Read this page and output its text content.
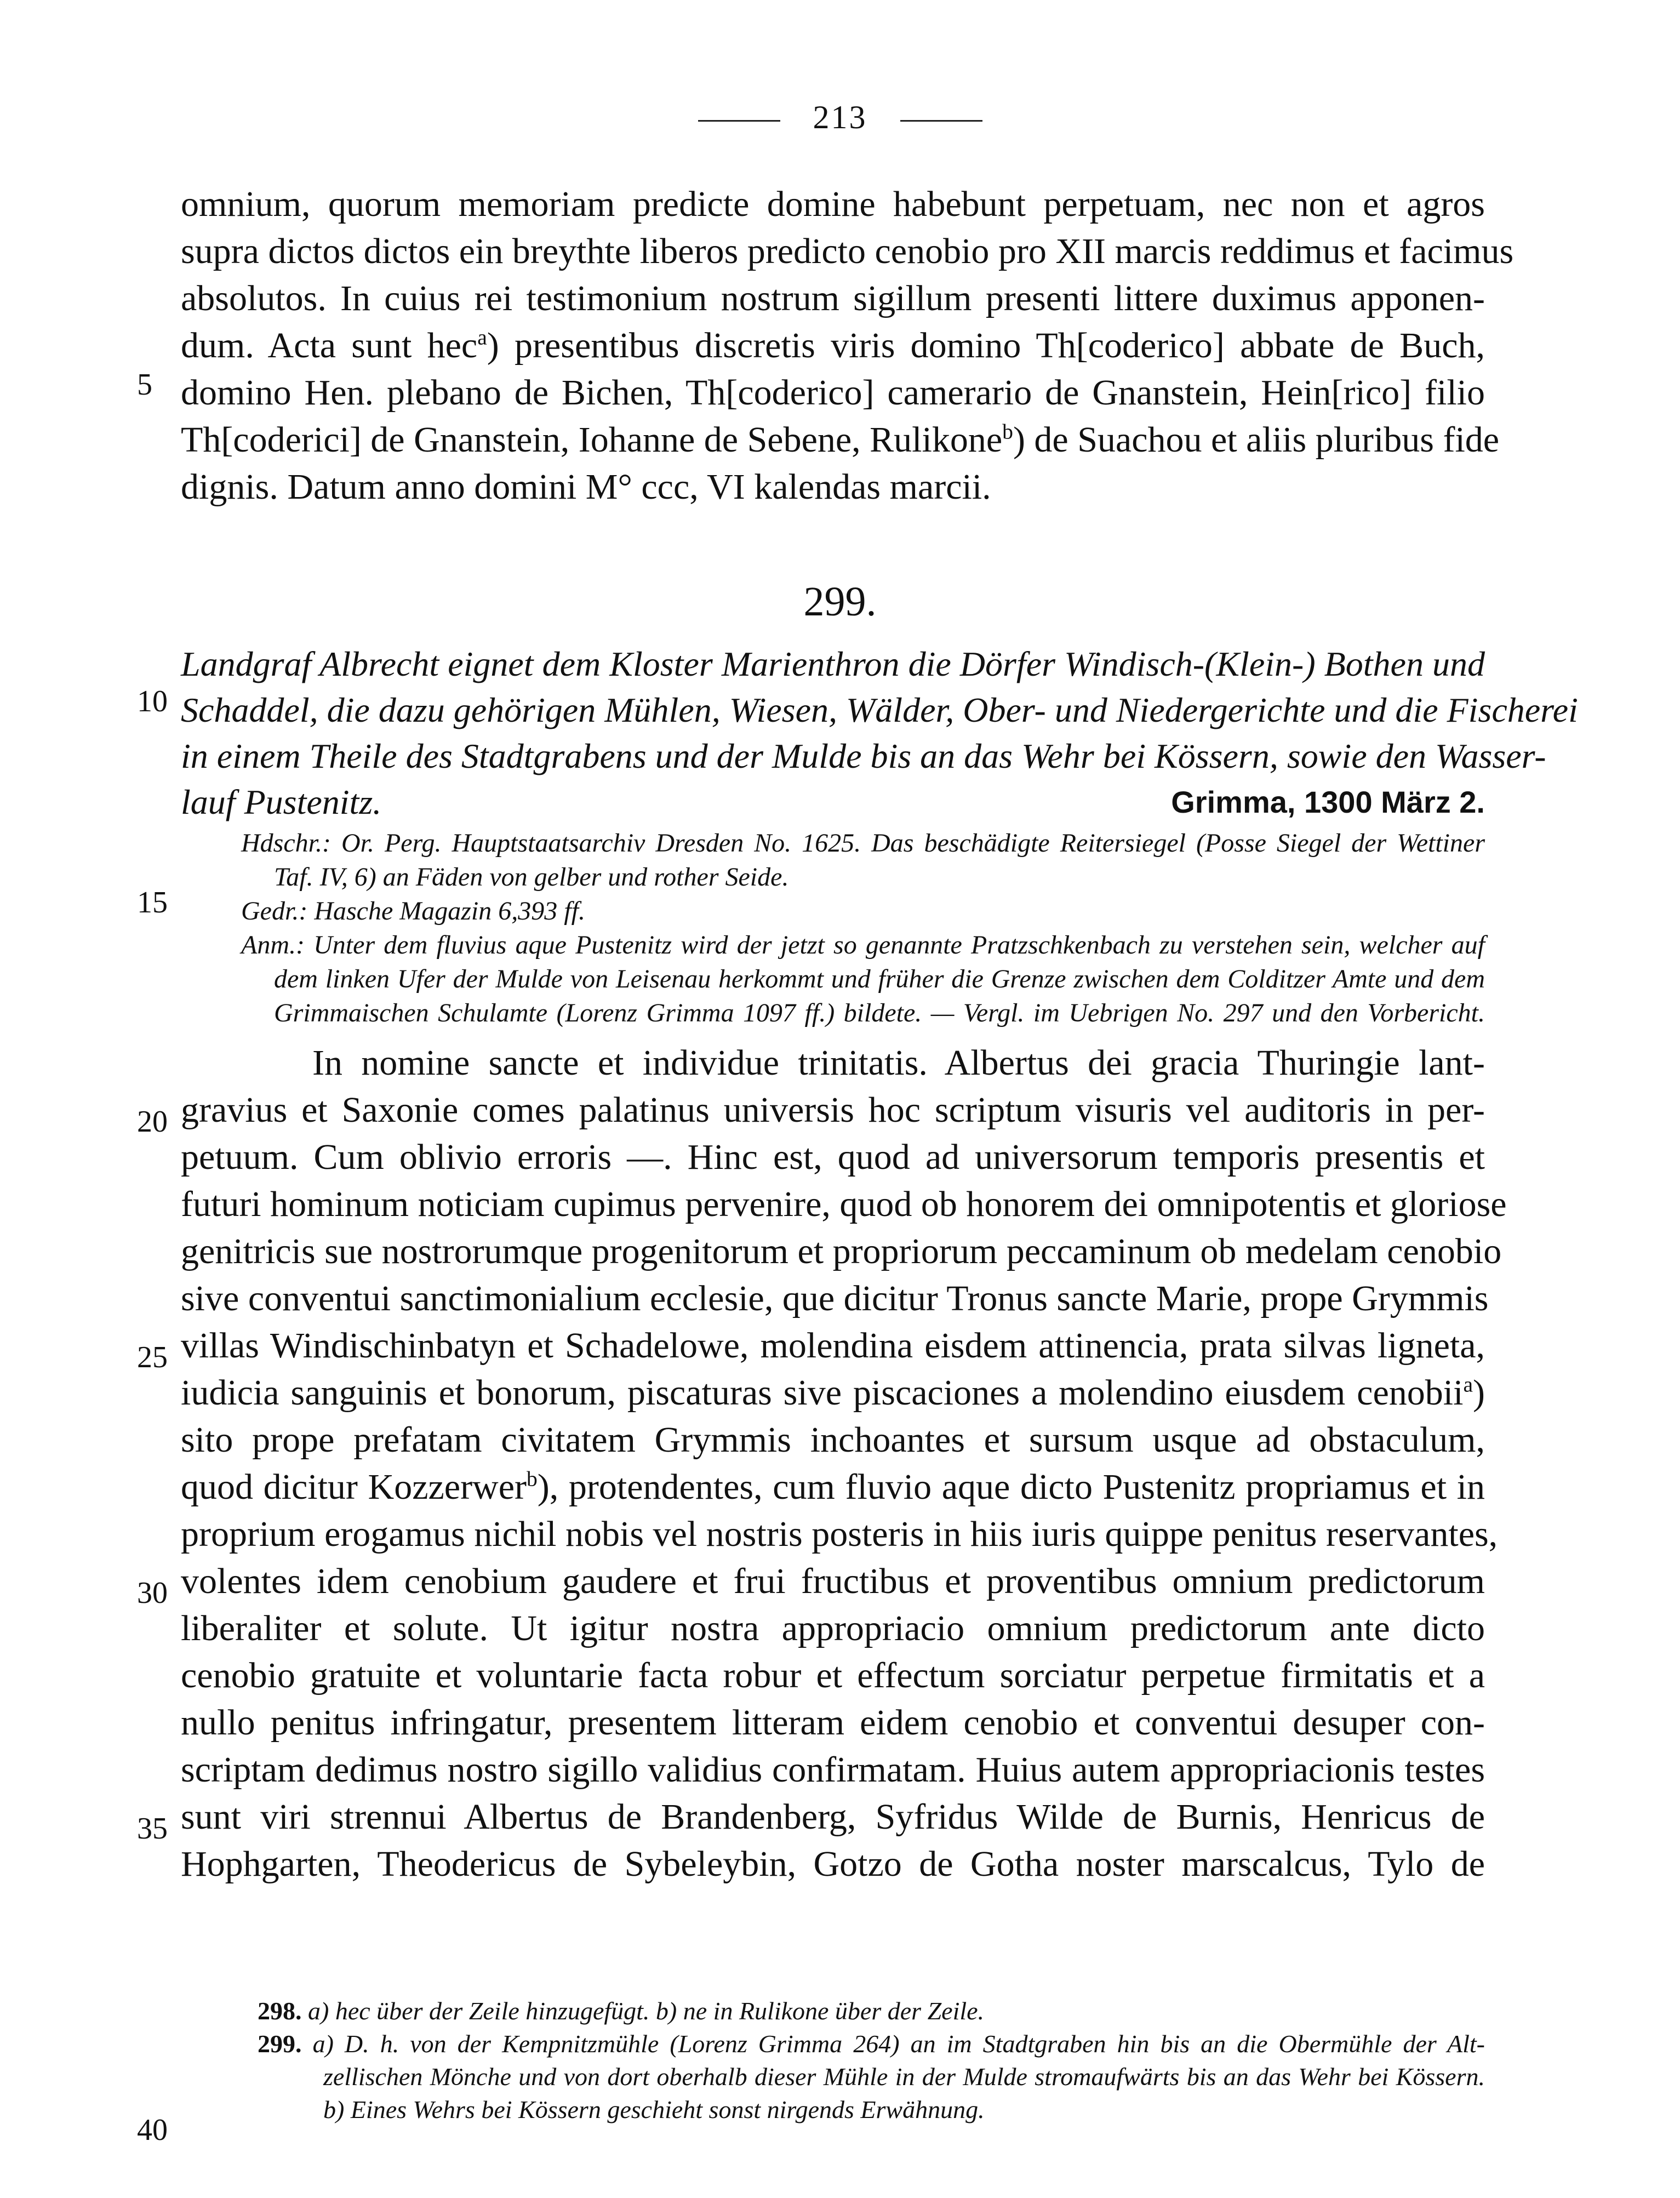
213
omnium, quorum memoriam predicte domine habebunt perpetuam, nec non et agros
supra dictos dictos ein breythte liberos predicto cenobio pro XII marcis reddimus et facimus
absolutos. In cuius rei testimonium nostrum sigillum presenti littere duximus apponen-
dum. Acta sunt hec$^a$) presentibus discretis viris domino Th[coderico] abbate de Buch,
domino Hen. plebano de Bichen, Th[coderico] camerario de Gnanstein, Hein[rico] filio
Th[coderici] de Gnanstein, Iohanne de Sebene, Rulikone$^b$) de Suachou et aliis pluribus fide
dignis. Datum anno domini M° ccc, VI kalendas marcii.
5
10
15
20
25
30
35
40
299.
Landgraf Albrecht eignet dem Kloster Marienthron die Dörfer Windisch-(Klein-) Bothen und
Schaddel, die dazu gehörigen Mühlen, Wiesen, Wälder, Ober- und Niedergerichte und die Fischerei
in einem Theile des Stadtgrabens und der Mulde bis an das Wehr bei Kössern, sowie den Wasser-
lauf Pustenitz.	Grimma, 1300 März 2.
Hdschr.: Or. Perg. Hauptstaatsarchiv Dresden No. 1625. Das beschädigte Reitersiegel (Posse Siegel der Wettiner
Taf. IV, 6) an Fäden von gelber und rother Seide.
Gedr.: Hasche Magazin 6,393 ff.
Anm.: Unter dem fluvius aque Pustenitz wird der jetzt so genannte Pratzschkenbach zu verstehen sein, welcher auf
dem linken Ufer der Mulde von Leisenau herkommt und früher die Grenze zwischen dem Colditzer Amte und dem
Grimmaischen Schulamte (Lorenz Grimma 1097 ff.) bildete. — Vergl. im Uebrigen No. 297 und den Vorbericht.
In nomine sancte et individue trinitatis. Albertus dei gracia Thuringie lant-
gravius et Saxonie comes palatinus universis hoc scriptum visuris vel auditoris in per-
petuum. Cum oblivio erroris —. Hinc est, quod ad universorum temporis presentis et
futuri hominum noticiam cupimus pervenire, quod ob honorem dei omnipotentis et gloriose
genitricis sue nostrorumque progenitorum et propriorum peccaminum ob medelam cenobio
sive conventui sanctimonialium ecclesie, que dicitur Tronus sancte Marie, prope Grymmis
villas Windischinbatyn et Schadelowe, molendina eisdem attinencia, prata silvas ligneta,
iudicia sanguinis et bonorum, piscaturas sive piscaciones a molendino eiusdem cenobii$^a$)
sito prope prefatam civitatem Grymmis inchoantes et sursum usque ad obstaculum,
quod dicitur Kozzerwer$^b$), protendentes, cum fluvio aque dicto Pustenitz propriamus et in
proprium erogamus nichil nobis vel nostris posteris in hiis iuris quippe penitus reservantes,
volentes idem cenobium gaudere et frui fructibus et proventibus omnium predictorum
liberaliter et solute. Ut igitur nostra appropriacio omnium predictorum ante dicto
cenobio gratuite et voluntarie facta robur et effectum sorciatur perpetue firmitatis et a
nullo penitus infringatur, presentem litteram eidem cenobio et conventui desuper con-
scriptam dedimus nostro sigillo validius confirmatam. Huius autem appropriacionis testes
sunt viri strennui Albertus de Brandenberg, Syfridus Wilde de Burnis, Henricus de
Hophgarten, Theodericus de Sybeleybin, Gotzo de Gotha noster marscalcus, Tylo de
298. a) hec über der Zeile hinzugefügt. b) ne in Rulikone über der Zeile.
299. a) D. h. von der Kempnitzmühle (Lorenz Grimma 264) an im Stadtgraben hin bis an die Obermühle der Alt-
zellischen Mönche und von dort oberhalb dieser Mühle in der Mulde stromaufwärts bis an das Wehr bei Kössern.
b) Eines Wehrs bei Kössern geschieht sonst nirgends Erwähnung.
